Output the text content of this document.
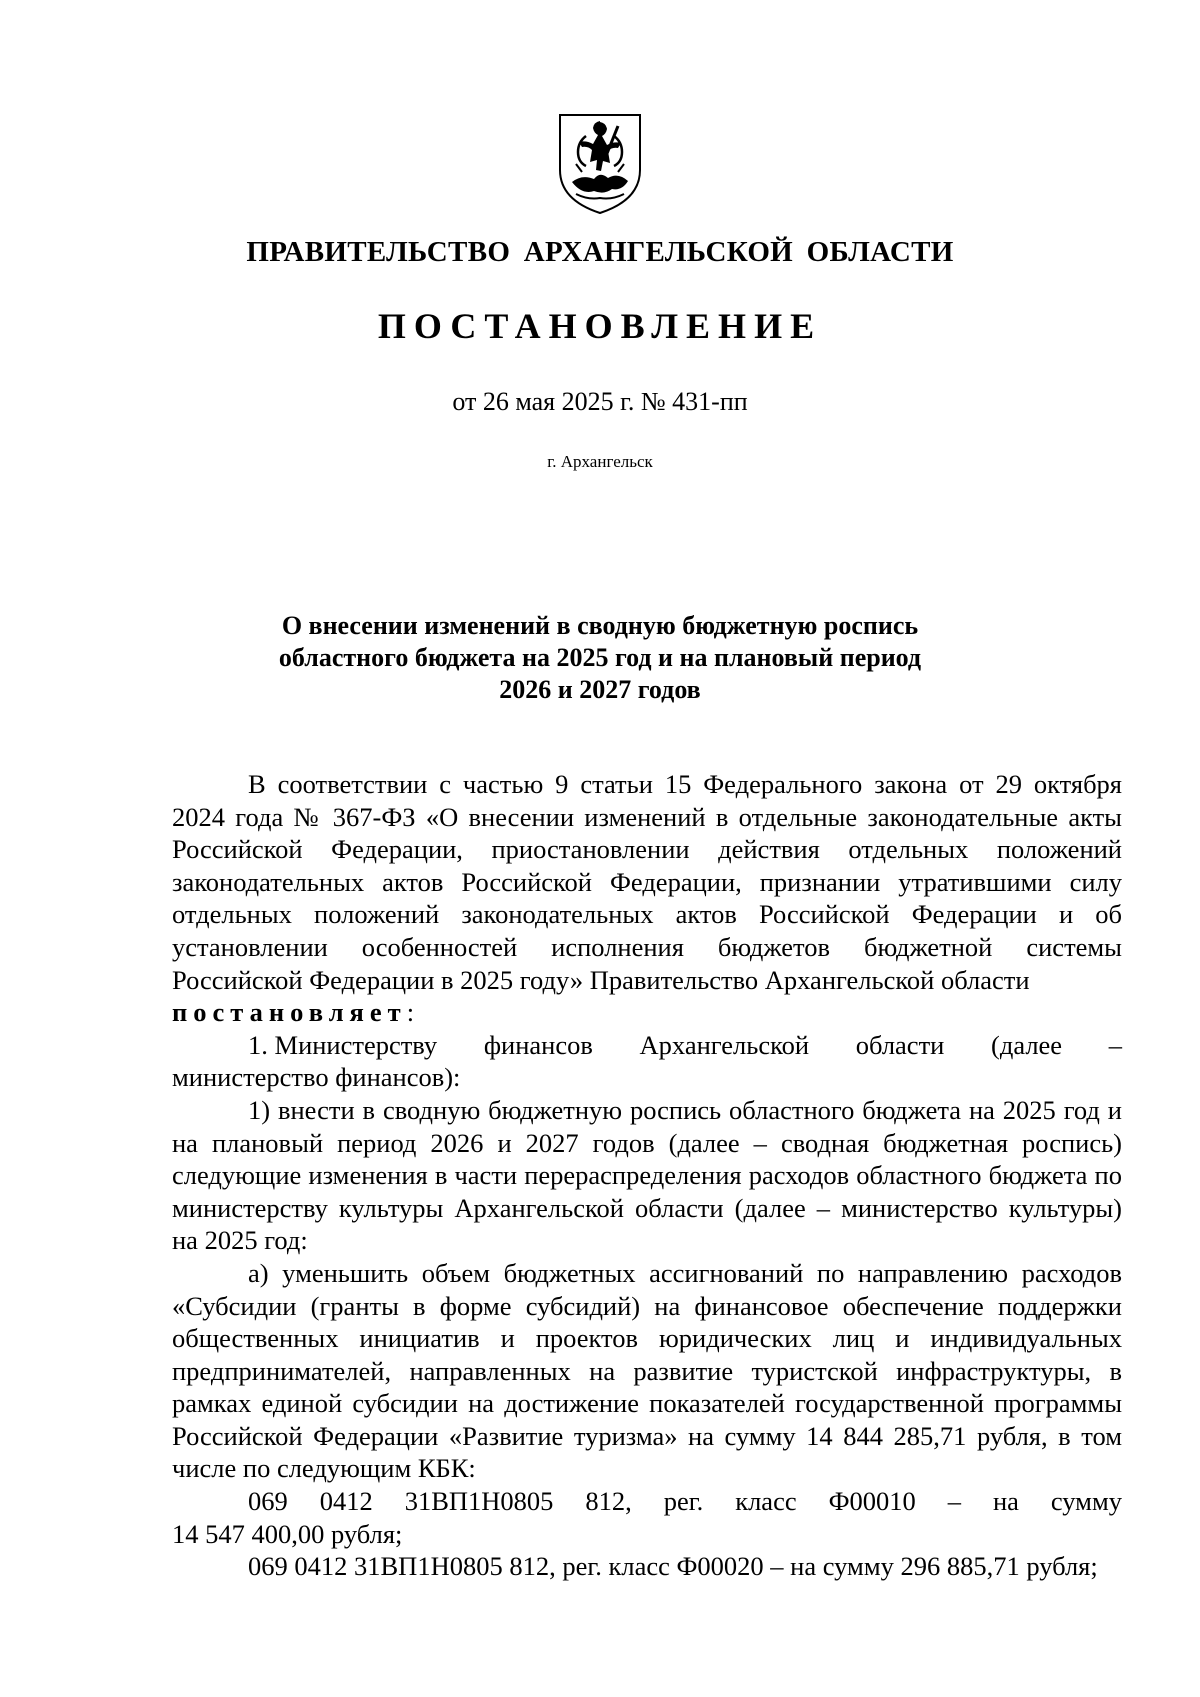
ПРАВИТЕЛЬСТВО АРХАНГЕЛЬСКОЙ ОБЛАСТИ
ПОСТАНОВЛЕНИЕ
от 26 мая 2025 г. № 431-пп
г. Архангельск
О внесении изменений в сводную бюджетную роспись
областного бюджета на 2025 год и на плановый период
2026 и 2027 годов

В соответствии с частью 9 статьи 15 Федерального закона от 29 октября 2024 года № 367-ФЗ «О внесении изменений в отдельные законодательные акты Российской Федерации, приостановлении действия отдельных положений законодательных актов Российской Федерации, признании утратившими силу отдельных положений законодательных актов Российской Федерации и об установлении особенностей исполнения бюджетов бюджетной системы Российской Федерации в 2025 году» Правительство Архангельской области

постановляет:

1. Министерству финансов Архангельской области (далее –
министерство финансов):

1) внести в сводную бюджетную роспись областного бюджета на 2025 год и на плановый период 2026 и 2027 годов (далее – сводная бюджетная роспись) следующие изменения в части перераспределения расходов областного бюджета по министерству культуры Архангельской области (далее – министерство культуры) на 2025 год:

а) уменьшить объем бюджетных ассигнований по направлению расходов «Субсидии (гранты в форме субсидий) на финансовое обеспечение поддержки общественных инициатив и проектов юридических лиц и индивидуальных предпринимателей, направленных на развитие туристской инфраструктуры, в рамках единой субсидии на достижение показателей государственной программы Российской Федерации «Развитие туризма» на сумму 14 844 285,71 рубля, в том числе по следующим КБК:

069 0412 31ВП1Н0805 812, рег. класс Ф00010 – на сумму
14 547 400,00 рубля;

069 0412 31ВП1Н0805 812, рег. класс Ф00020 – на сумму 296 885,71 рубля;
